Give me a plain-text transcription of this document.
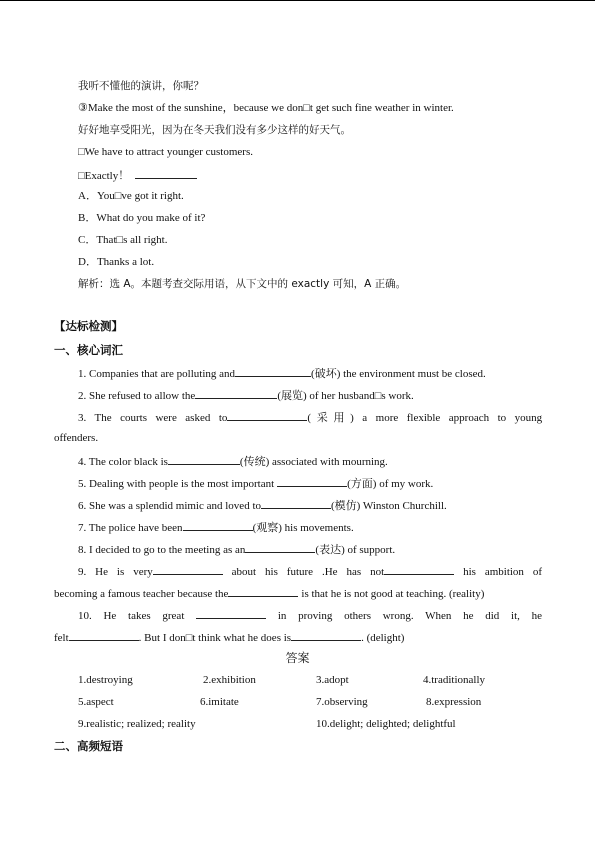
我听不懂他的演讲，你呢？
③Make the most of the sunshine，because we don□t get such fine weather in winter.
好好地享受阳光，因为在冬天我们没有多少这样的好天气。
□We have to attract younger customers.
□Exactly！
A．You□ve got it right.
B．What do you make of it?
C．That□s all right.
D．Thanks a lot.
解析：选 A。本题考查交际用语，从下文中的 exactly 可知，A 正确。
【达标检测】
一、核心词汇
1. Companies that are polluting and	(破坏) the environment must be closed.
2. She refused to allow the	(展览) of her husband□s work.
3. The courts were asked to	(采用) a more flexible approach to young
offenders.
4. The color black is	(传统) associated with mourning.
5. Dealing with people is the most important	(方面) of my work.
6. She was a splendid mimic and loved to	(模仿) Winston Churchill.
7. The police have been	(观察) his movements.
8. I decided to go to the meeting as an	(表达) of support.
9. He is very	about his future .He has not	his ambition of
becoming a famous teacher because the	is that he is not good at teaching. (reality)
10. He takes great	in proving others wrong. When he did it, he
felt	. But I don□t think what he does is	. (delight)
答案
1.destroying	2.exhibition	3.adopt	4.traditionally
5.aspect	6.imitate	7.observing	8.expression
9.realistic; realized; reality	10.delight; delighted; delightful
二、高频短语
